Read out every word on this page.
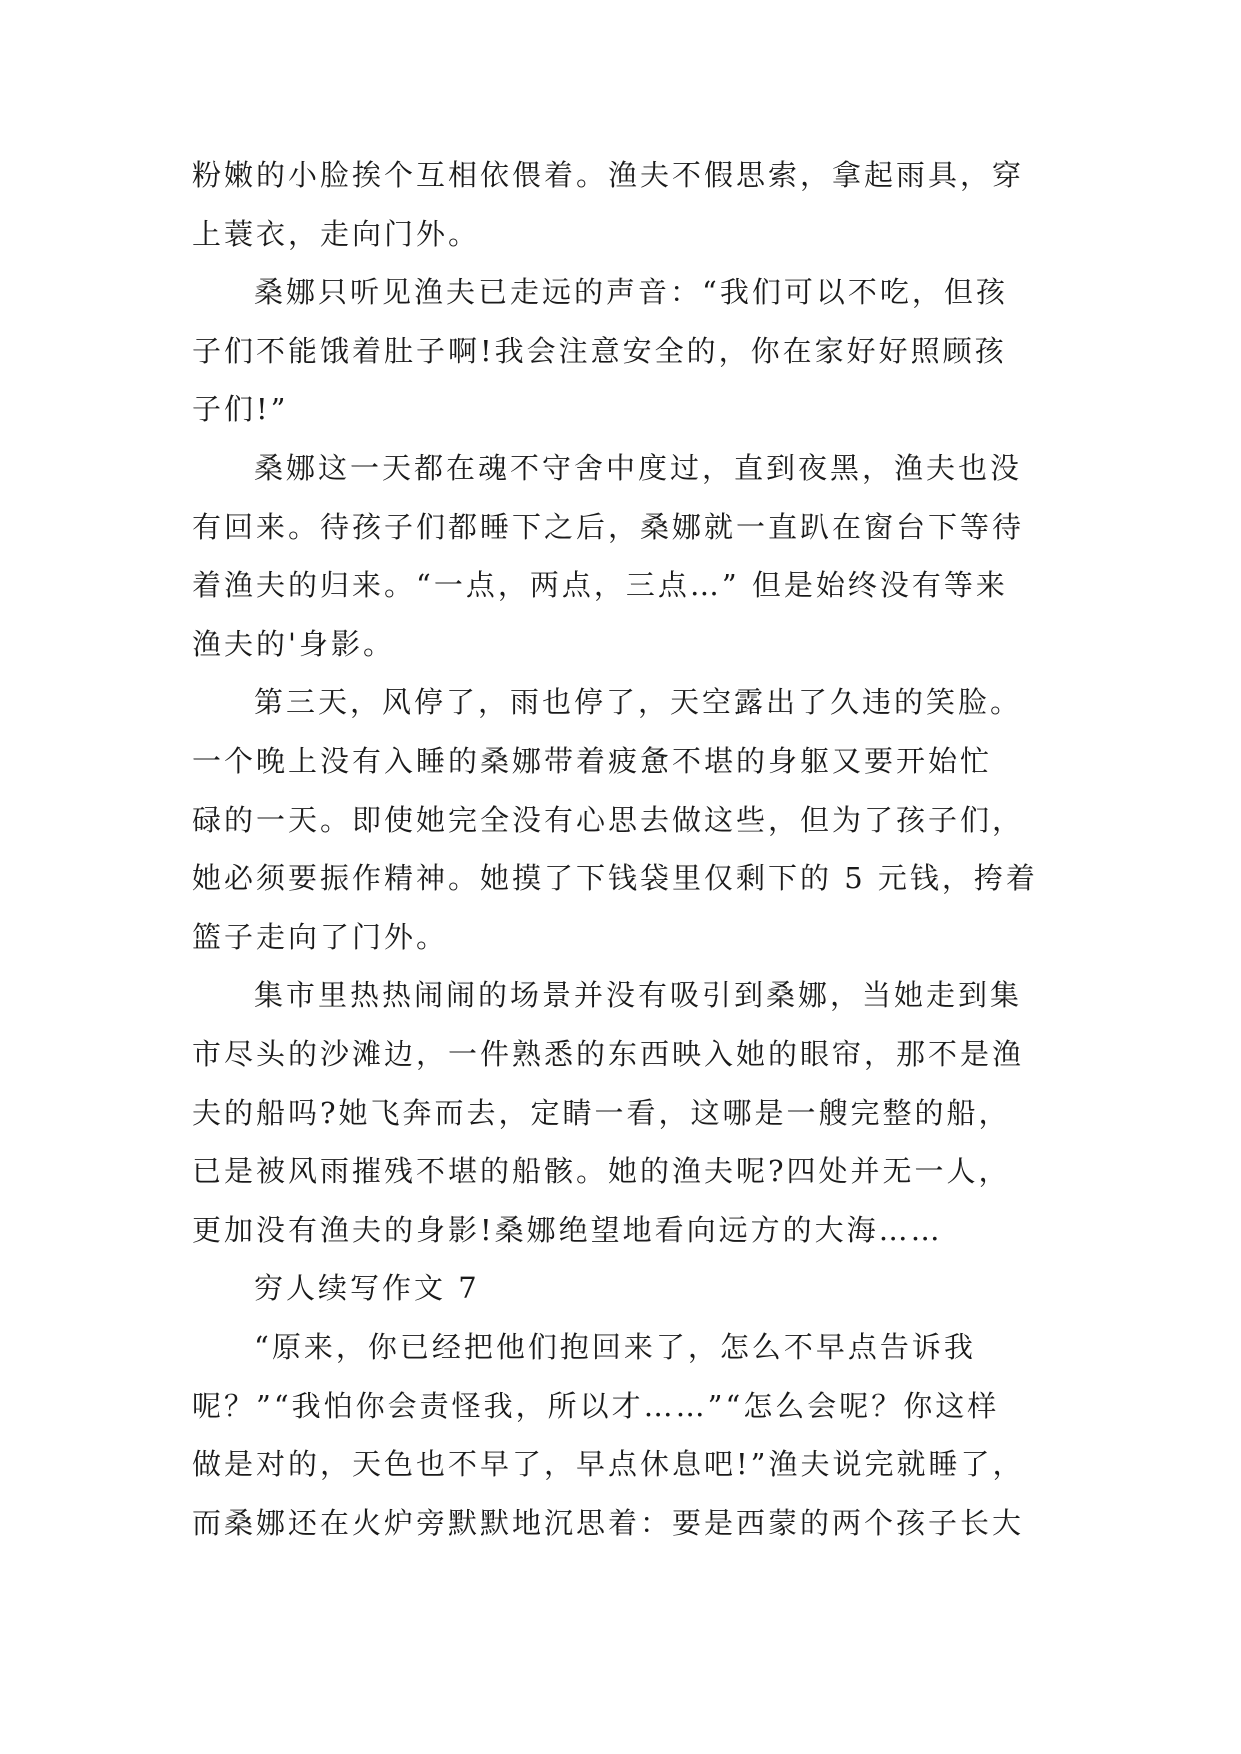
粉嫩的小脸挨个互相依偎着。渔夫不假思索，拿起雨具，穿
上蓑衣，走向门外。
桑娜只听见渔夫已走远的声音：“我们可以不吃，但孩
子们不能饿着肚子啊!我会注意安全的，你在家好好照顾孩
子们!”
桑娜这一天都在魂不守舍中度过，直到夜黑，渔夫也没
有回来。待孩子们都睡下之后，桑娜就一直趴在窗台下等待
着渔夫的归来。“一点，两点，三点…” 但是始终没有等来
渔夫的'身影。
第三天，风停了，雨也停了，天空露出了久违的笑脸。
一个晚上没有入睡的桑娜带着疲惫不堪的身躯又要开始忙
碌的一天。即使她完全没有心思去做这些，但为了孩子们，
她必须要振作精神。她摸了下钱袋里仅剩下的 5 元钱，挎着
篮子走向了门外。
集市里热热闹闹的场景并没有吸引到桑娜，当她走到集
市尽头的沙滩边，一件熟悉的东西映入她的眼帘，那不是渔
夫的船吗?她飞奔而去，定睛一看，这哪是一艘完整的船，
已是被风雨摧残不堪的船骸。她的渔夫呢?四处并无一人，
更加没有渔夫的身影!桑娜绝望地看向远方的大海……
穷人续写作文 7
“原来，你已经把他们抱回来了，怎么不早点告诉我
呢？”“我怕你会责怪我，所以才……”“怎么会呢？你这样
做是对的，天色也不早了，早点休息吧!”渔夫说完就睡了，
而桑娜还在火炉旁默默地沉思着：要是西蒙的两个孩子长大
